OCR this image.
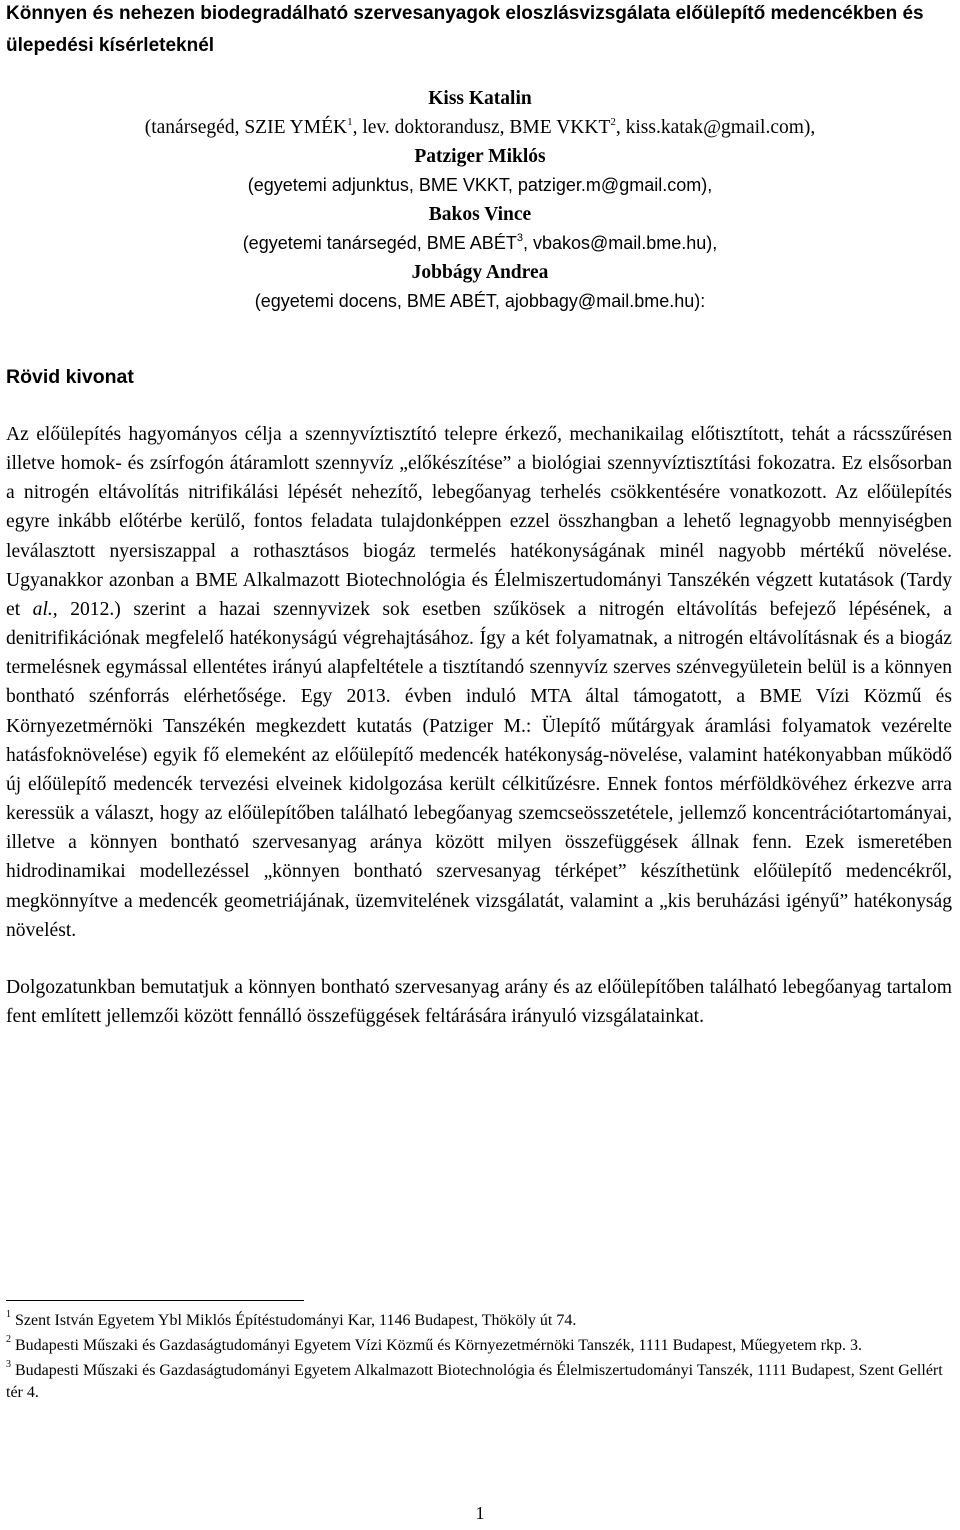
Könnyen és nehezen biodegradálható szervesanyagok eloszlásvizsgálata előülepítő medencékben és ülepedési kísérleteknél
Kiss Katalin
(tanársegéd, SZIE YMÉK$^1$, lev. doktorandusz, BME VKKT$^2$, kiss.katak@gmail.com),
Patziger Miklós
(egyetemi adjunktus, BME VKKT, patziger.m@gmail.com),
Bakos Vince
(egyetemi tanársegéd, BME ABÉT$^3$, vbakos@mail.bme.hu),
Jobbágy Andrea
(egyetemi docens, BME ABÉT, ajobbagy@mail.bme.hu):
Rövid kivonat

Az előülepítés hagyományos célja a szennyvíztisztító telepre érkező, mechanikailag előtisztított, tehát a rácsszűrésen illetve homok- és zsírfogón átáramlott szennyvíz „előkészítése” a biológiai szennyvíztisztítási fokozatra. Ez elsősorban a nitrogén eltávolítás nitrifikálási lépését nehezítő, lebegőanyag terhelés csökkentésére vonatkozott. Az előülepítés egyre inkább előtérbe kerülő, fontos feladata tulajdonképpen ezzel összhangban a lehető legnagyobb mennyiségben leválasztott nyersiszappal a rothasztásos biogáz termelés hatékonyságának minél nagyobb mértékű növelése. Ugyanakkor azonban a BME Alkalmazott Biotechnológia és Élelmiszertudományi Tanszékén végzett kutatások (Tardy et al., 2012.) szerint a hazai szennyvizek sok esetben szűkösek a nitrogén eltávolítás befejező lépésének, a denitrifikációnak megfelelő hatékonyságú végrehajtásához. Így a két folyamatnak, a nitrogén eltávolításnak és a biogáz termelésnek egymással ellentétes irányú alapfeltétele a tisztítandó szennyvíz szerves szénvegyületein belül is a könnyen bontható szénforrás elérhetősége. Egy 2013. évben induló MTA által támogatott, a BME Vízi Közmű és Környezetmérnöki Tanszékén megkezdett kutatás (Patziger M.: Ülepítő műtárgyak áramlási folyamatok vezérelte hatásfoknövelése) egyik fő elemeként az előülepítő medencék hatékonyság-növelése, valamint hatékonyabban működő új előülepítő medencék tervezési elveinek kidolgozása került célkitűzésre. Ennek fontos mérföldkövéhez érkezve arra keressük a választ, hogy az előülepítőben található lebegőanyag szemcseösszetétele, jellemző koncentrációtartományai, illetve a könnyen bontható szervesanyag aránya között milyen összefüggések állnak fenn. Ezek ismeretében hidrodinamikai modellezéssel „könnyen bontható szervesanyag térképet” készíthetünk előülepítő medencékről, megkönnyítve a medencék geometriájának, üzemvitelének vizsgálatát, valamint a „kis beruházási igényű” hatékonyság növelést.

Dolgozatunkban bemutatjuk a könnyen bontható szervesanyag arány és az előülepítőben található lebegőanyag tartalom fent említett jellemzői között fennálló összefüggések feltárására irányuló vizsgálatainkat.

$^1$ Szent István Egyetem Ybl Miklós Építéstudományi Kar, 1146 Budapest, Thököly út 74.
$^2$ Budapesti Műszaki és Gazdaságtudományi Egyetem Vízi Közmű és Környezetmérnöki Tanszék, 1111 Budapest, Műegyetem rkp. 3.
$^3$ Budapesti Műszaki és Gazdaságtudományi Egyetem Alkalmazott Biotechnológia és Élelmiszertudományi Tanszék, 1111 Budapest, Szent Gellért tér 4.
1
